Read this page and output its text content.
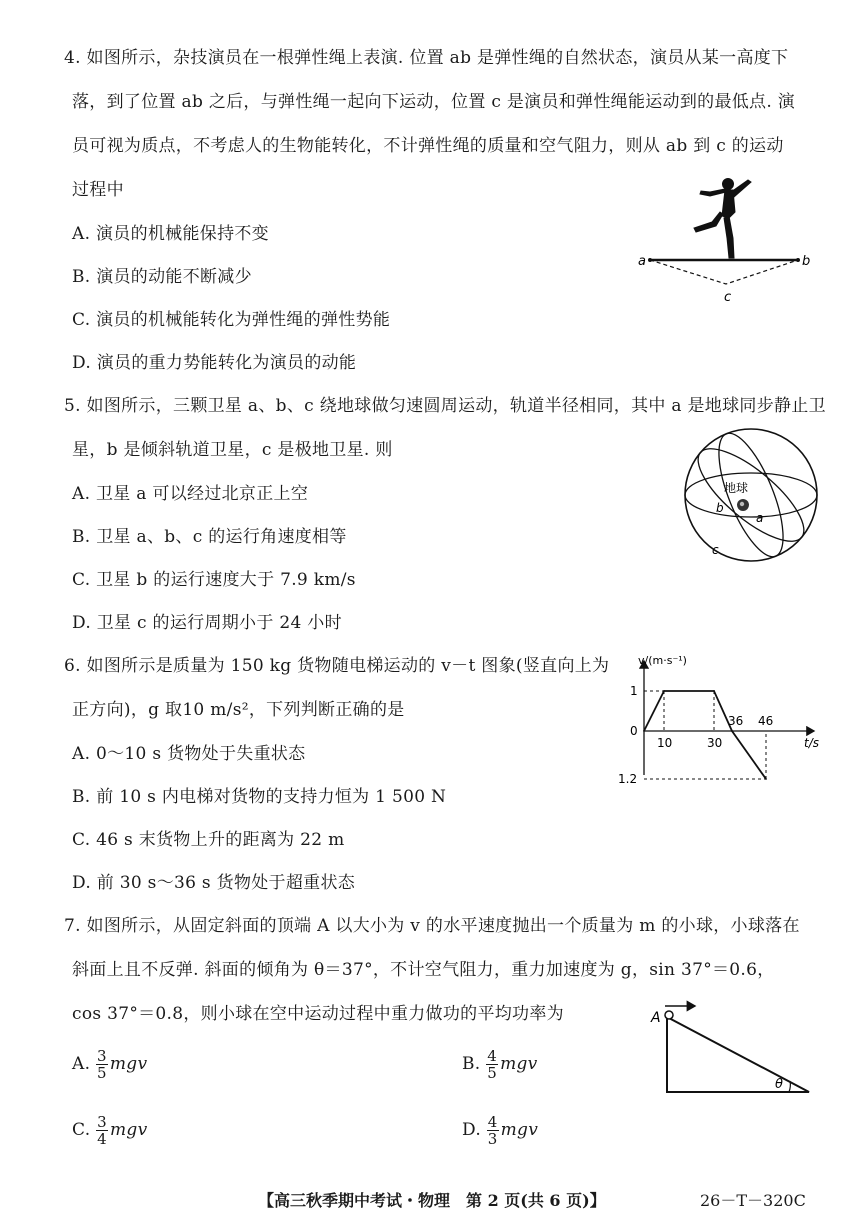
4. 如图所示，杂技演员在一根弹性绳上表演. 位置 ab 是弹性绳的自然状态，演员从某一高度下
落，到了位置 ab 之后，与弹性绳一起向下运动，位置 c 是演员和弹性绳能运动到的最低点. 演
员可视为质点，不考虑人的生物能转化，不计弹性绳的质量和空气阻力，则从 ab 到 c 的运动
过程中
A. 演员的机械能保持不变
B. 演员的动能不断减少
C. 演员的机械能转化为弹性绳的弹性势能
D. 演员的重力势能转化为演员的动能
a	b
c
5. 如图所示，三颗卫星 a、b、c 绕地球做匀速圆周运动，轨道半径相同，其中 a 是地球同步静止卫
星，b 是倾斜轨道卫星，c 是极地卫星. 则
A. 卫星 a 可以经过北京正上空
B. 卫星 a、b、c 的运行角速度相等
C. 卫星 b 的运行速度大于 7.9 km/s
D. 卫星 c 的运行周期小于 24 小时
地球
b
a
c
6. 如图所示是质量为 150 kg 货物随电梯运动的 v－t 图象(竖直向上为
正方向)，g 取10 m/s²，下列判断正确的是
A. 0～10 s 货物处于失重状态
B. 前 10 s 内电梯对货物的支持力恒为 1 500 N
C. 46 s 末货物上升的距离为 22 m
D. 前 30 s～36 s 货物处于超重状态
v/(m·s⁻¹)
t/s
1
0
1.2
10	30
36 46
7. 如图所示，从固定斜面的顶端 A 以大小为 v 的水平速度抛出一个质量为 m 的小球，小球落在
斜面上且不反弹. 斜面的倾角为 θ＝37°，不计空气阻力，重力加速度为 g，sin 37°＝0.6，
cos 37°＝0.8，则小球在空中运动过程中重力做功的平均功率为
A. $\frac{3}{5}$ mgv	B. $\frac{4}{5}$ mgv
C. $\frac{3}{4}$ mgv	D. $\frac{4}{3}$ mgv
A
θ
【高三秋季期中考试・物理　第 2 页(共 6 页)】	26－T－320C
